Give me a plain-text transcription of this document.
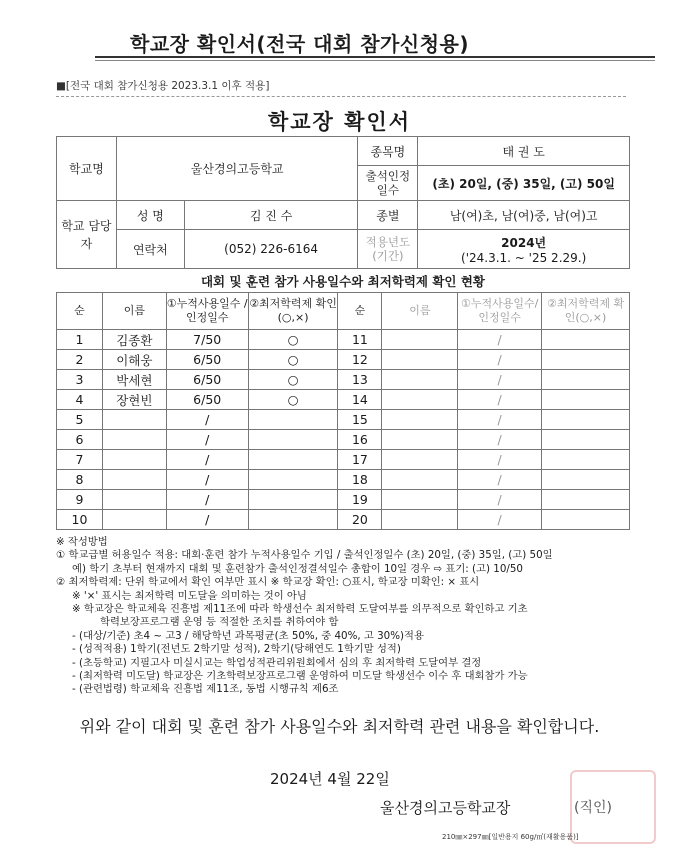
학교장 확인서(전국 대회 참가신청용)
■[전국 대회 참가신청용 2023.3.1 이후 적용]
학교장 확인서
학교명	울산경의고등학교		종목명	태 권 도
			출석인정 일수	(초) 20일, (중) 35일, (고) 50일
학교 담당자	성 명	김 진 수	종별	남(여)초, 남(여)중, 남(여)고
	연락처	(052) 226-6164	적용년도 (기간)	2024년
('24.3.1. ~ '25 2.29.)
대회 및 훈련 참가 사용일수와 최저학력제 확인 현황
순	이름	①누적사용일수 /인정일수	②최저학력제 확인(○,×)	순	이름	①누적사용일수/ 인정일수	②최저학력제 확인(○,×)
1	김종환	7/50	○	11		/	
2	이해웅	6/50	○	12		/	
3	박세현	6/50	○	13		/	
4	장현빈	6/50	○	14		/	
5		/		15		/	
6		/		16		/	
7		/		17		/	
8		/		18		/	
9		/		19		/	
10		/		20		/	
※ 작성방법
① 학교급별 허용일수 적용: 대회·훈련 참가 누적사용일수 기입 / 출석인정일수 (초) 20일, (중) 35일, (고) 50일
예) 학기 초부터 현재까지 대회 및 훈련참가 출석인정결석일수 총합이 10일 경우 ⇨ 표기: (고) 10/50
② 최저학력제: 단위 학교에서 확인 여부만 표시 ※ 학교장 확인: ○표시, 학교장 미확인: × 표시
※ '×' 표시는 최저학력 미도달을 의미하는 것이 아님
※ 학교장은 학교체육 진흥법 제11조에 따라 학생선수 최저학력 도달여부를 의무적으로 확인하고 기초
학력보장프로그램 운영 등 적절한 조치를 취하여야 함
- (대상/기준) 초4 ~ 고3 / 해당학년 과목평균(초 50%, 중 40%, 고 30%)적용
- (성적적용) 1학기(전년도 2학기말 성적), 2학기(당해연도 1학기말 성적)
- (초등학교) 지필고사 미실시교는 학업성적관리위원회에서 심의 후 최저학력 도달여부 결정
- (최저학력 미도달) 학교장은 기초학력보장프로그램 운영하여 미도달 학생선수 이수 후 대회참가 가능
- (관련법령) 학교체육 진흥법 제11조, 동법 시행규칙 제6조
위와 같이 대회 및 훈련 참가 사용일수와 최저학력 관련 내용을 확인합니다.
2024년 4월 22일
울산경의고등학교장	(직인)
210㎜×297㎜[일반용지 60g/㎡(재활용품)]
